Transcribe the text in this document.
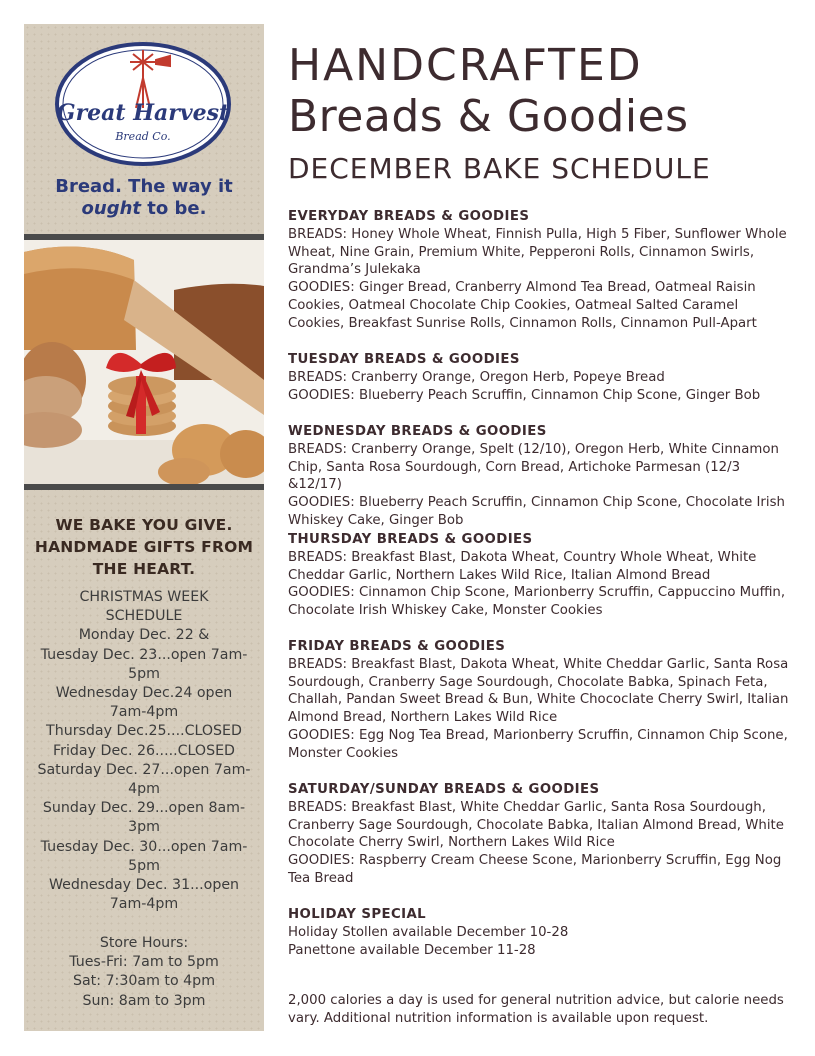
Great Harvest
Bread Co.
Bread. The way it
ought to be.
WE BAKE YOU GIVE.
HANDMADE GIFTS FROM
THE HEART.
CHRISTMAS WEEK SCHEDULE
Monday Dec. 22 &
Tuesday Dec. 23...open 7am-5pm
Wednesday Dec.24 open 7am-4pm
Thursday Dec.25....CLOSED
Friday Dec. 26.....CLOSED
Saturday Dec. 27...open 7am-4pm
Sunday Dec. 29...open 8am-3pm
Tuesday Dec. 30...open 7am-5pm
Wednesday Dec. 31...open 7am-4pm
Store Hours:
Tues-Fri: 7am to 5pm
Sat: 7:30am to 4pm
Sun: 8am to 3pm
HANDCRAFTED
Breads & Goodies
DECEMBER BAKE SCHEDULE
EVERYDAY BREADS & GOODIES
BREADS: Honey Whole Wheat, Finnish Pulla, High 5 Fiber, Sunflower Whole Wheat, Nine Grain, Premium White, Pepperoni Rolls, Cinnamon Swirls, Grandma’s Julekaka
GOODIES: Ginger Bread, Cranberry Almond Tea Bread, Oatmeal Raisin Cookies, Oatmeal Chocolate Chip Cookies, Oatmeal Salted Caramel Cookies, Breakfast Sunrise Rolls, Cinnamon Rolls, Cinnamon Pull-Apart
TUESDAY BREADS & GOODIES
BREADS: Cranberry Orange, Oregon Herb, Popeye Bread
GOODIES: Blueberry Peach Scruffin, Cinnamon Chip Scone, Ginger Bob
WEDNESDAY BREADS & GOODIES
BREADS: Cranberry Orange, Spelt (12/10), Oregon Herb, White Cinnamon Chip, Santa Rosa Sourdough, Corn Bread, Artichoke Parmesan (12/3 &12/17)
GOODIES: Blueberry Peach Scruffin, Cinnamon Chip Scone, Chocolate Irish Whiskey Cake, Ginger Bob
THURSDAY BREADS & GOODIES
BREADS: Breakfast Blast, Dakota Wheat, Country Whole Wheat, White Cheddar Garlic, Northern Lakes Wild Rice, Italian Almond Bread
GOODIES: Cinnamon Chip Scone, Marionberry Scruffin, Cappuccino Muffin, Chocolate Irish Whiskey Cake, Monster Cookies
FRIDAY BREADS & GOODIES
BREADS: Breakfast Blast, Dakota Wheat, White Cheddar Garlic, Santa Rosa Sourdough, Cranberry Sage Sourdough, Chocolate Babka, Spinach Feta, Challah, Pandan Sweet Bread & Bun, White Chococlate Cherry Swirl, Italian Almond Bread, Northern Lakes Wild Rice
GOODIES: Egg Nog Tea Bread, Marionberry Scruffin, Cinnamon Chip Scone, Monster Cookies
SATURDAY/SUNDAY BREADS & GOODIES
BREADS: Breakfast Blast, White Cheddar Garlic, Santa Rosa Sourdough, Cranberry Sage Sourdough, Chocolate Babka, Italian Almond Bread, White Chocolate Cherry Swirl, Northern Lakes Wild Rice
GOODIES: Raspberry Cream Cheese Scone, Marionberry Scruffin, Egg Nog Tea Bread
HOLIDAY SPECIAL
Holiday Stollen available December 10-28
Panettone available December 11-28
2,000 calories a day is used for general nutrition advice, but calorie needs vary. Additional nutrition information is available upon request.
